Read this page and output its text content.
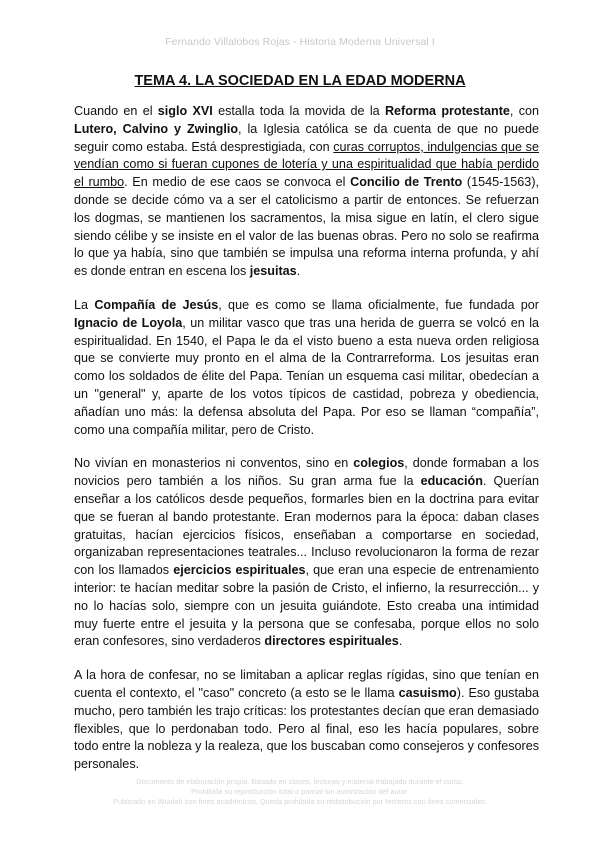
Fernando Villalobos Rojas - Historia Moderna Universal I
TEMA 4. LA SOCIEDAD EN LA EDAD MODERNA

Cuando en el siglo XVI estalla toda la movida de la Reforma protestante, con Lutero, Calvino y Zwinglio, la Iglesia católica se da cuenta de que no puede seguir como estaba. Está desprestigiada, con curas corruptos, indulgencias que se vendían como si fueran cupones de lotería y una espiritualidad que había perdido el rumbo. En medio de ese caos se convoca el Concilio de Trento (1545-1563), donde se decide cómo va a ser el catolicismo a partir de entonces. Se refuerzan los dogmas, se mantienen los sacramentos, la misa sigue en latín, el clero sigue siendo célibe y se insiste en el valor de las buenas obras. Pero no solo se reafirma lo que ya había, sino que también se impulsa una reforma interna profunda, y ahí es donde entran en escena los jesuitas.

La Compañía de Jesús, que es como se llama oficialmente, fue fundada por Ignacio de Loyola, un militar vasco que tras una herida de guerra se volcó en la espiritualidad. En 1540, el Papa le da el visto bueno a esta nueva orden religiosa que se convierte muy pronto en el alma de la Contrarreforma. Los jesuitas eran como los soldados de élite del Papa. Tenían un esquema casi militar, obedecían a un "general" y, aparte de los votos típicos de castidad, pobreza y obediencia, añadían uno más: la defensa absoluta del Papa. Por eso se llaman “compañía”, como una compañía militar, pero de Cristo.

No vivían en monasterios ni conventos, sino en colegios, donde formaban a los novicios pero también a los niños. Su gran arma fue la educación. Querían enseñar a los católicos desde pequeños, formarles bien en la doctrina para evitar que se fueran al bando protestante. Eran modernos para la época: daban clases gratuitas, hacían ejercicios físicos, enseñaban a comportarse en sociedad, organizaban representaciones teatrales... Incluso revolucionaron la forma de rezar con los llamados ejercicios espirituales, que eran una especie de entrenamiento interior: te hacían meditar sobre la pasión de Cristo, el infierno, la resurrección... y no lo hacías solo, siempre con un jesuita guiándote. Esto creaba una intimidad muy fuerte entre el jesuita y la persona que se confesaba, porque ellos no solo eran confesores, sino verdaderos directores espirituales.

A la hora de confesar, no se limitaban a aplicar reglas rígidas, sino que tenían en cuenta el contexto, el "caso" concreto (a esto se le llama casuismo). Eso gustaba mucho, pero también les trajo críticas: los protestantes decían que eran demasiado flexibles, que lo perdonaban todo. Pero al final, eso les hacía populares, sobre todo entre la nobleza y la realeza, que los buscaban como consejeros y confesores personales.

Documento de elaboración propia. Basado en clases, lecturas y material trabajado durante el curso.
Prohibida su reproducción total o parcial sin autorización del autor.
Publicado en Wuolah con fines académicos. Queda prohibida su redistribución por terceros con fines comerciales.
